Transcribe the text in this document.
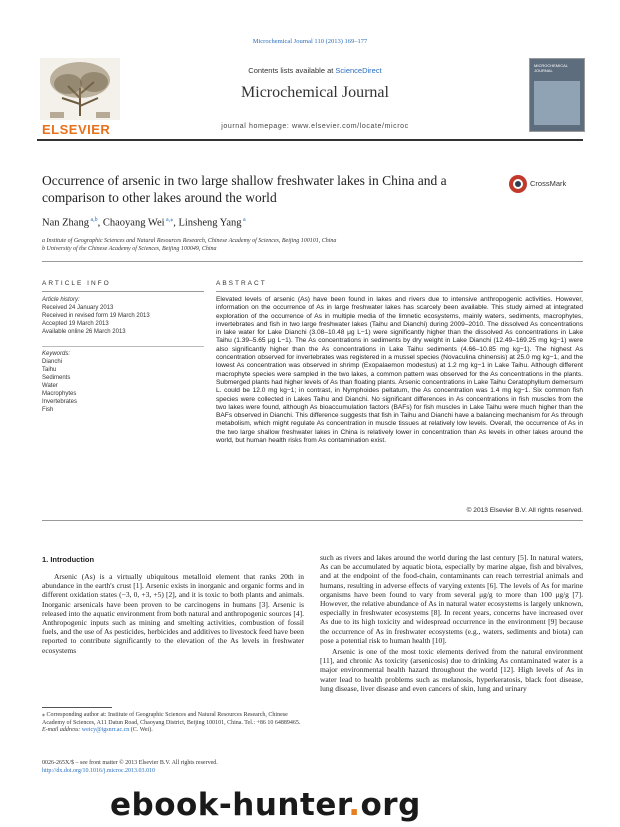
Microchemical Journal 110 (2013) 169–177
ELSEVIER
Contents lists available at ScienceDirect
Microchemical Journal
journal homepage: www.elsevier.com/locate/microc
MICROCHEMICAL JOURNAL
Occurrence of arsenic in two large shallow freshwater lakes in China and a comparison to other lakes around the world
CrossMark
Nan Zhang $^{a,b}$, Chaoyang Wei $^{a,⁎}$, Linsheng Yang $^a$
a Institute of Geographic Sciences and Natural Resources Research, Chinese Academy of Sciences, Beijing 100101, China
b University of the Chinese Academy of Sciences, Beijing 100049, China
ARTICLE INFO	ABSTRACT
Article history:
Received 24 January 2013
Received in revised form 19 March 2013
Accepted 19 March 2013
Available online 26 March 2013
Keywords:
Dianchi
Taihu
Sediments
Water
Macrophytes
Invertebrates
Fish
Elevated levels of arsenic (As) have been found in lakes and rivers due to intensive anthropogenic activities. However, information on the occurrence of As in large freshwater lakes has scarcely been available. This study aimed at integrated exploration of the occurrence of As in multiple media of the limnetic ecosystems, mainly waters, sediments, macrophytes, invertebrates and fish in two large freshwater lakes (Taihu and Dianchi) during 2009–2010. The dissolved As concentrations in lake water for Lake Dianchi (3.08–10.48 μg L−1) were significantly higher than the dissolved As concentrations in Lake Taihu (1.39–5.65 μg L−1). The As concentrations in sediments by dry weight in Lake Dianchi (12.49–169.25 mg kg−1) were also significantly higher than the As concentrations in Lake Taihu sediments (4.66–10.85 mg kg−1). The highest As concentration observed for invertebrates was registered in a mussel species (Novaculina chinensis) at 25.0 mg kg−1, and the lowest As concentration was observed in shrimp (Exopalaemon modestus) at 1.2 mg kg−1 in Lake Taihu. Although different macrophyte species were sampled in the two lakes, a common pattern was observed for the As concentrations in the plants. Submerged plants had higher levels of As than floating plants. Arsenic concentrations in Lake Taihu Ceratophyllum demersum L. could be 12.0 mg kg−1; in contrast, in Nymphoides peltatum, the As concentration was 1.4 mg kg−1. Six common fish species were collected in Lakes Taihu and Dianchi. No significant differences in As concentrations in fish muscles from the two lakes were found, although As bioaccumulation factors (BAFs) for fish muscles in Lake Taihu were much higher than the BAFs observed in Dianchi. This difference suggests that fish in Taihu and Dianchi have a balancing mechanism for As through metabolism, which might regulate As concentration in muscle tissues at relatively low levels. Overall, the occurrence of As in the two large shallow freshwater lakes in China is relatively lower in concentration than As levels in other lakes around the world, but human health risks from As contamination exist.
© 2013 Elsevier B.V. All rights reserved.
1. Introduction
Arsenic (As) is a virtually ubiquitous metalloid element that ranks 20th in abundance in the earth's crust [1]. Arsenic exists in inorganic and organic forms and in different oxidation states (−3, 0, +3, +5) [2], and it is toxic to both plants and animals. Inorganic arsenicals have been proven to be carcinogens in humans [3]. Arsenic is released into the aquatic environment from both natural and anthropogenic sources [4]. Anthropogenic inputs such as mining and smelting activities, combustion of fossil fuels, and the use of As pesticides, herbicides and additives to livestock feed have been reported to contribute significantly to the elevation of the As levels in freshwater ecosystems

such as rivers and lakes around the world during the last century [5]. In natural waters, As can be accumulated by aquatic biota, especially by marine algae, fish and bivalves, and at the endpoint of the food-chain, contaminants can reach terrestrial animals and humans, resulting in adverse effects of varying extents [6]. The levels of As for marine organisms have been found to vary from several μg/g to more than 100 μg/g [7]. However, the relative abundance of As in natural water ecosystems is largely unknown, especially in freshwater ecosystems [8]. In recent years, concerns have increased over As due to its high toxicity and widespread occurrence in the environment [9] because the occurrence of As in freshwater ecosystems (e.g., waters, sediments and biota) can pose a potential risk to human health [10].

Arsenic is one of the most toxic elements derived from the natural environment [11], and chronic As toxicity (arsenicosis) due to drinking As contaminated water is a major environmental health hazard throughout the world [12]. High levels of As in water lead to health problems such as melanosis, hyperkeratosis, black foot disease, lung disease, liver disease and even cancers of skin, lung and urinary

⁎ Corresponding author at: Institute of Geographic Sciences and Natural Resources Research, Chinese Academy of Sciences, A11 Datun Road, Chaoyang District, Beijing 100101, China. Tel.: +86 10 64889465.
E-mail address: weicy@igsnrr.ac.cn (C. Wei).
0026-265X/$ – see front matter © 2013 Elsevier B.V. All rights reserved.
http://dx.doi.org/10.1016/j.microc.2013.03.010
ebook-hunter.org
